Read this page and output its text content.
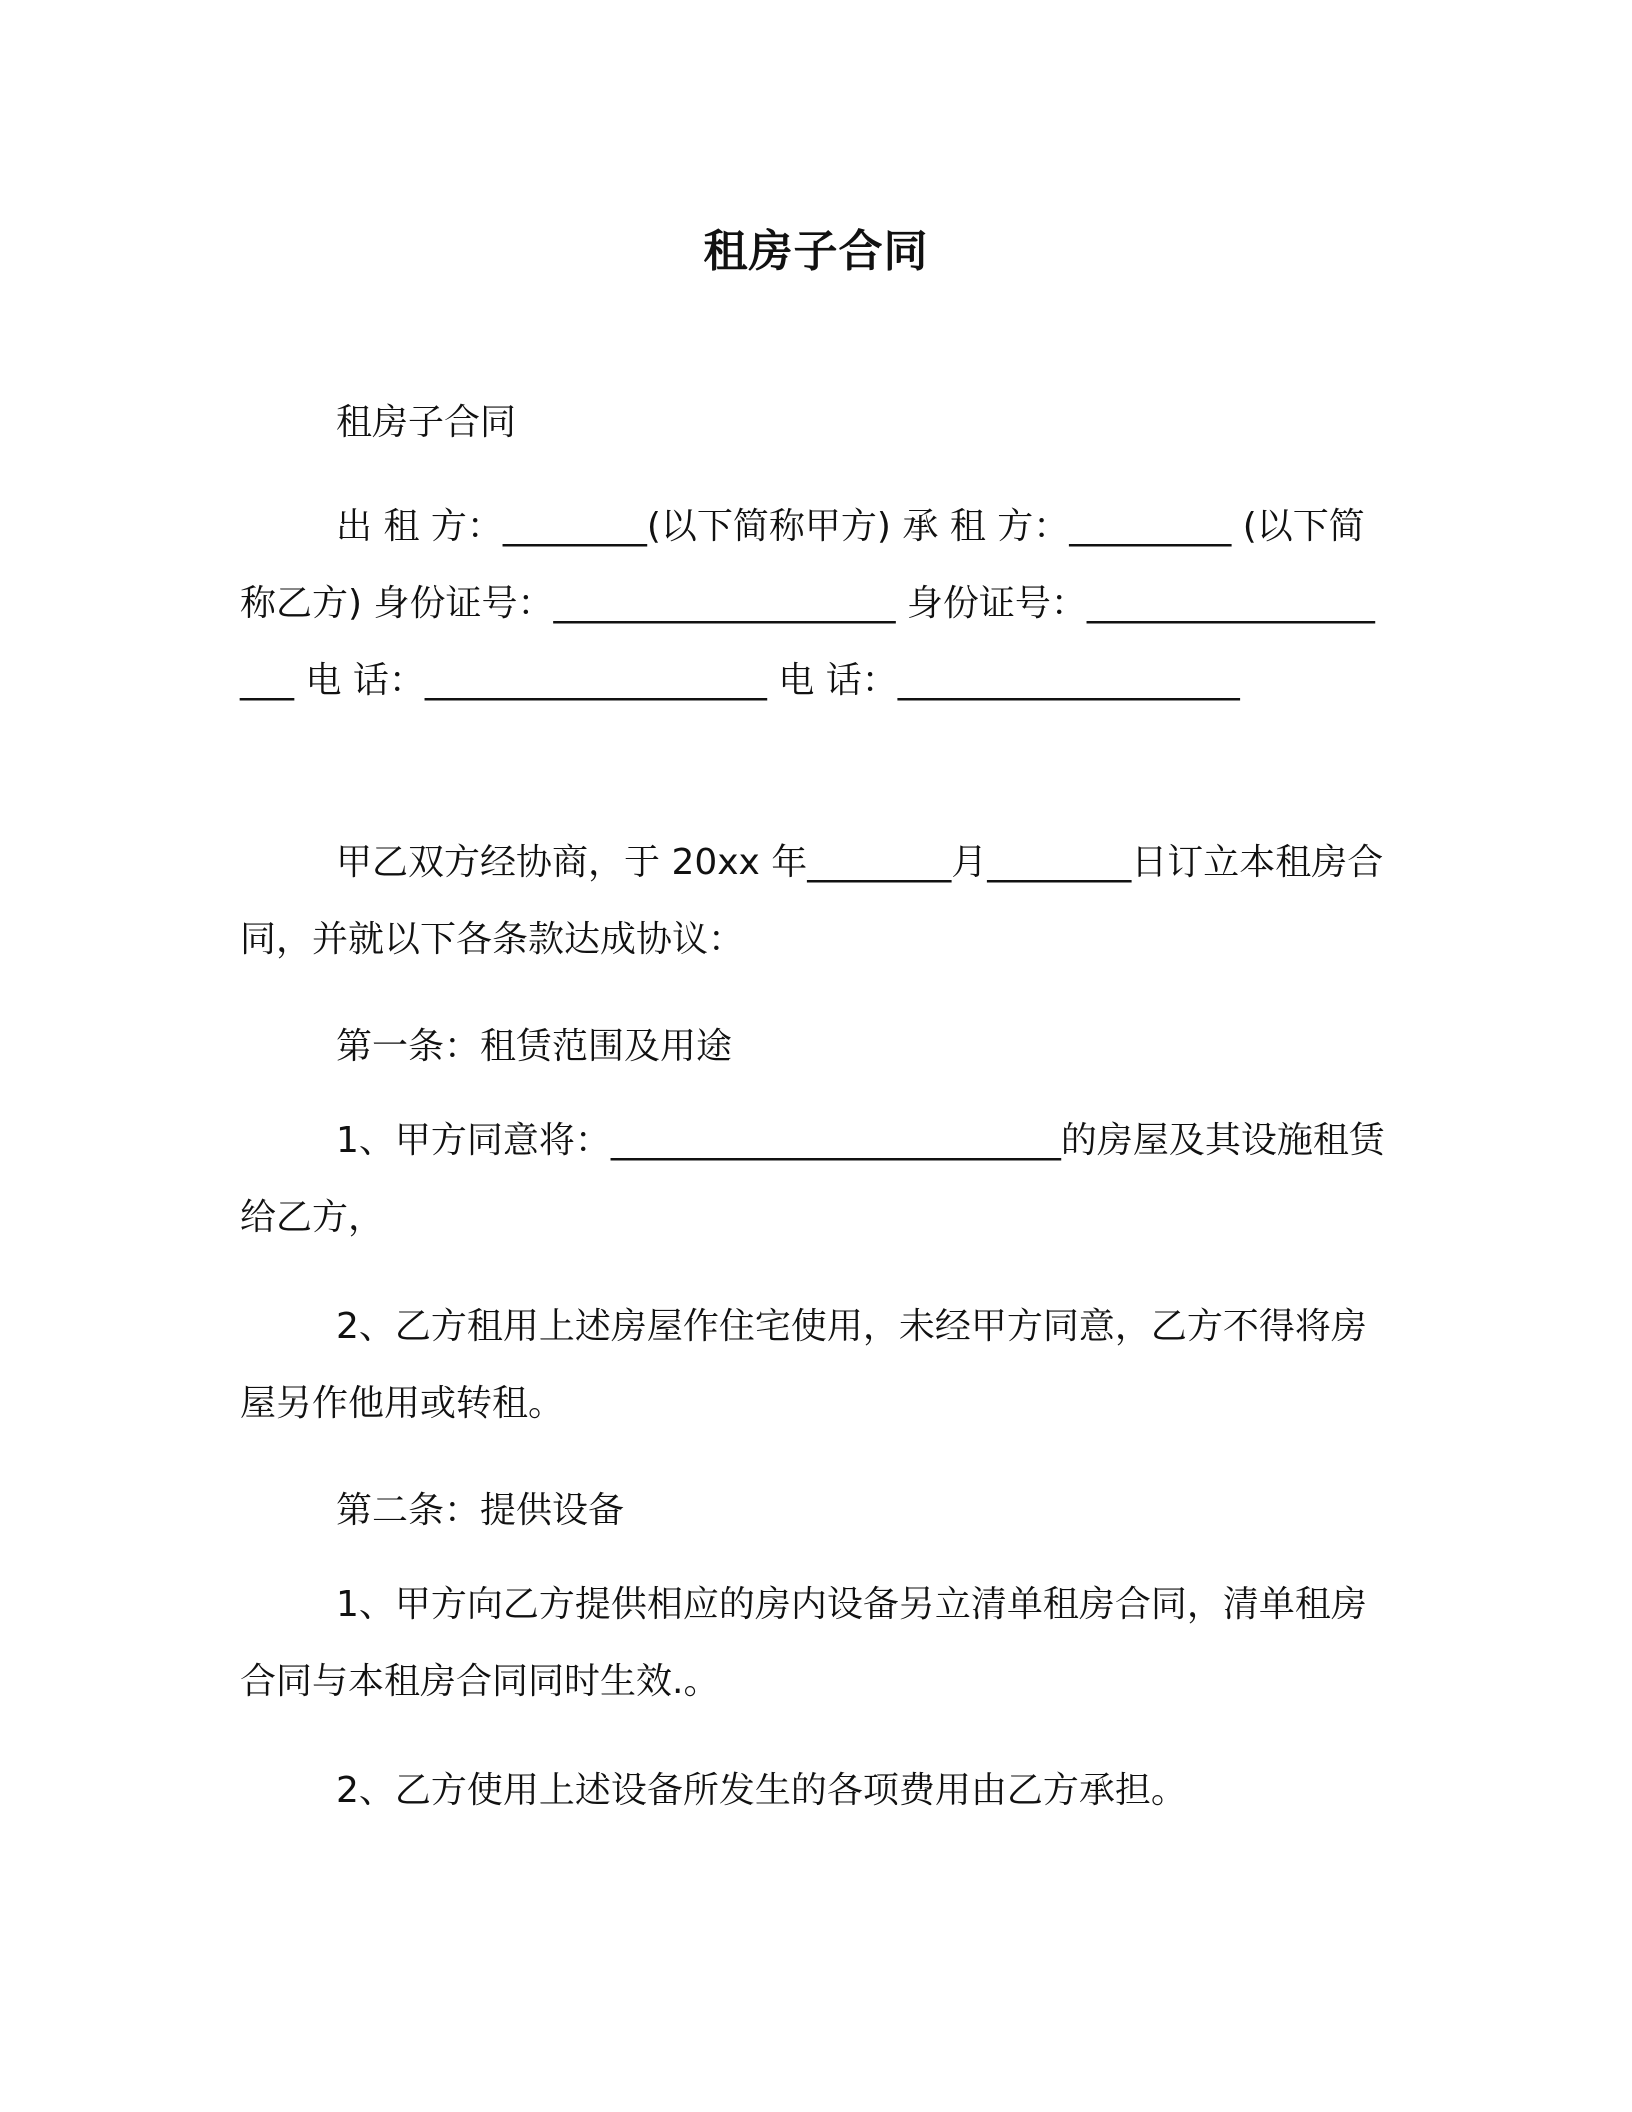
租房子合同

租房子合同

出 租 方：________(以下简称甲方) 承 租 方：_________ (以下简称乙方) 身份证号：___________________ 身份证号：___________________ 电 话：___________________ 电 话：___________________

甲乙双方经协商，于 20xx 年________月________日订立本租房合同，并就以下各条款达成协议：

第一条：租赁范围及用途

1、甲方同意将：_________________________的房屋及其设施租赁给乙方，

2、乙方租用上述房屋作住宅使用，未经甲方同意，乙方不得将房屋另作他用或转租。

第二条：提供设备

1、甲方向乙方提供相应的房内设备另立清单租房合同，清单租房合同与本租房合同同时生效.。

2、乙方使用上述设备所发生的各项费用由乙方承担。
